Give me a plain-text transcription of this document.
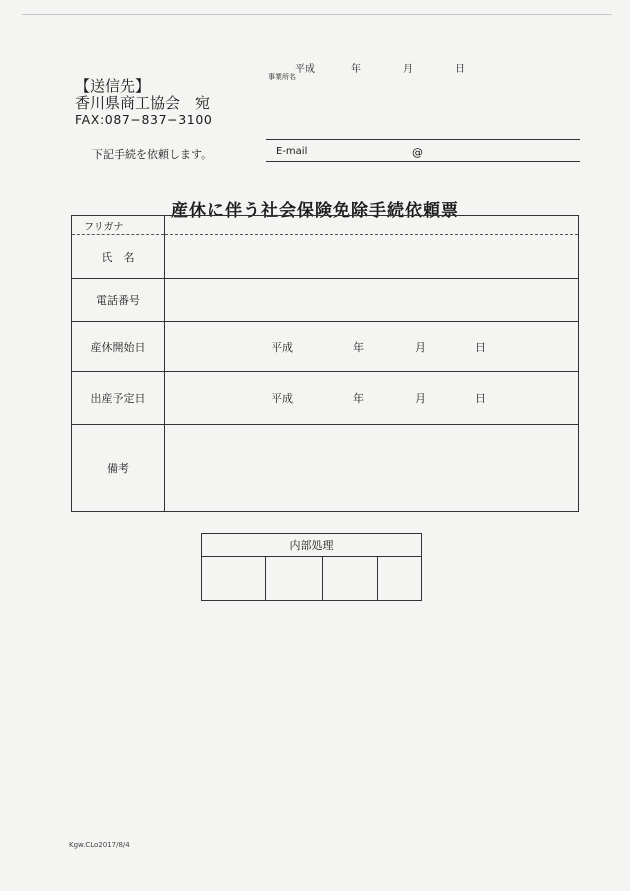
平成	年	月	日
事業所名
【送信先】
香川県商工協会　宛
FAX:087−837−3100
下記手続を依頼します。	E-mail	@
産休に伴う社会保険免除手続依頼票
フリガナ	
氏　名	
電話番号	
産休開始日	平成 年 月 日

出産予定日	平成 年 月 日

備考	
内部処理

Kgw.CLo2017/8/4
